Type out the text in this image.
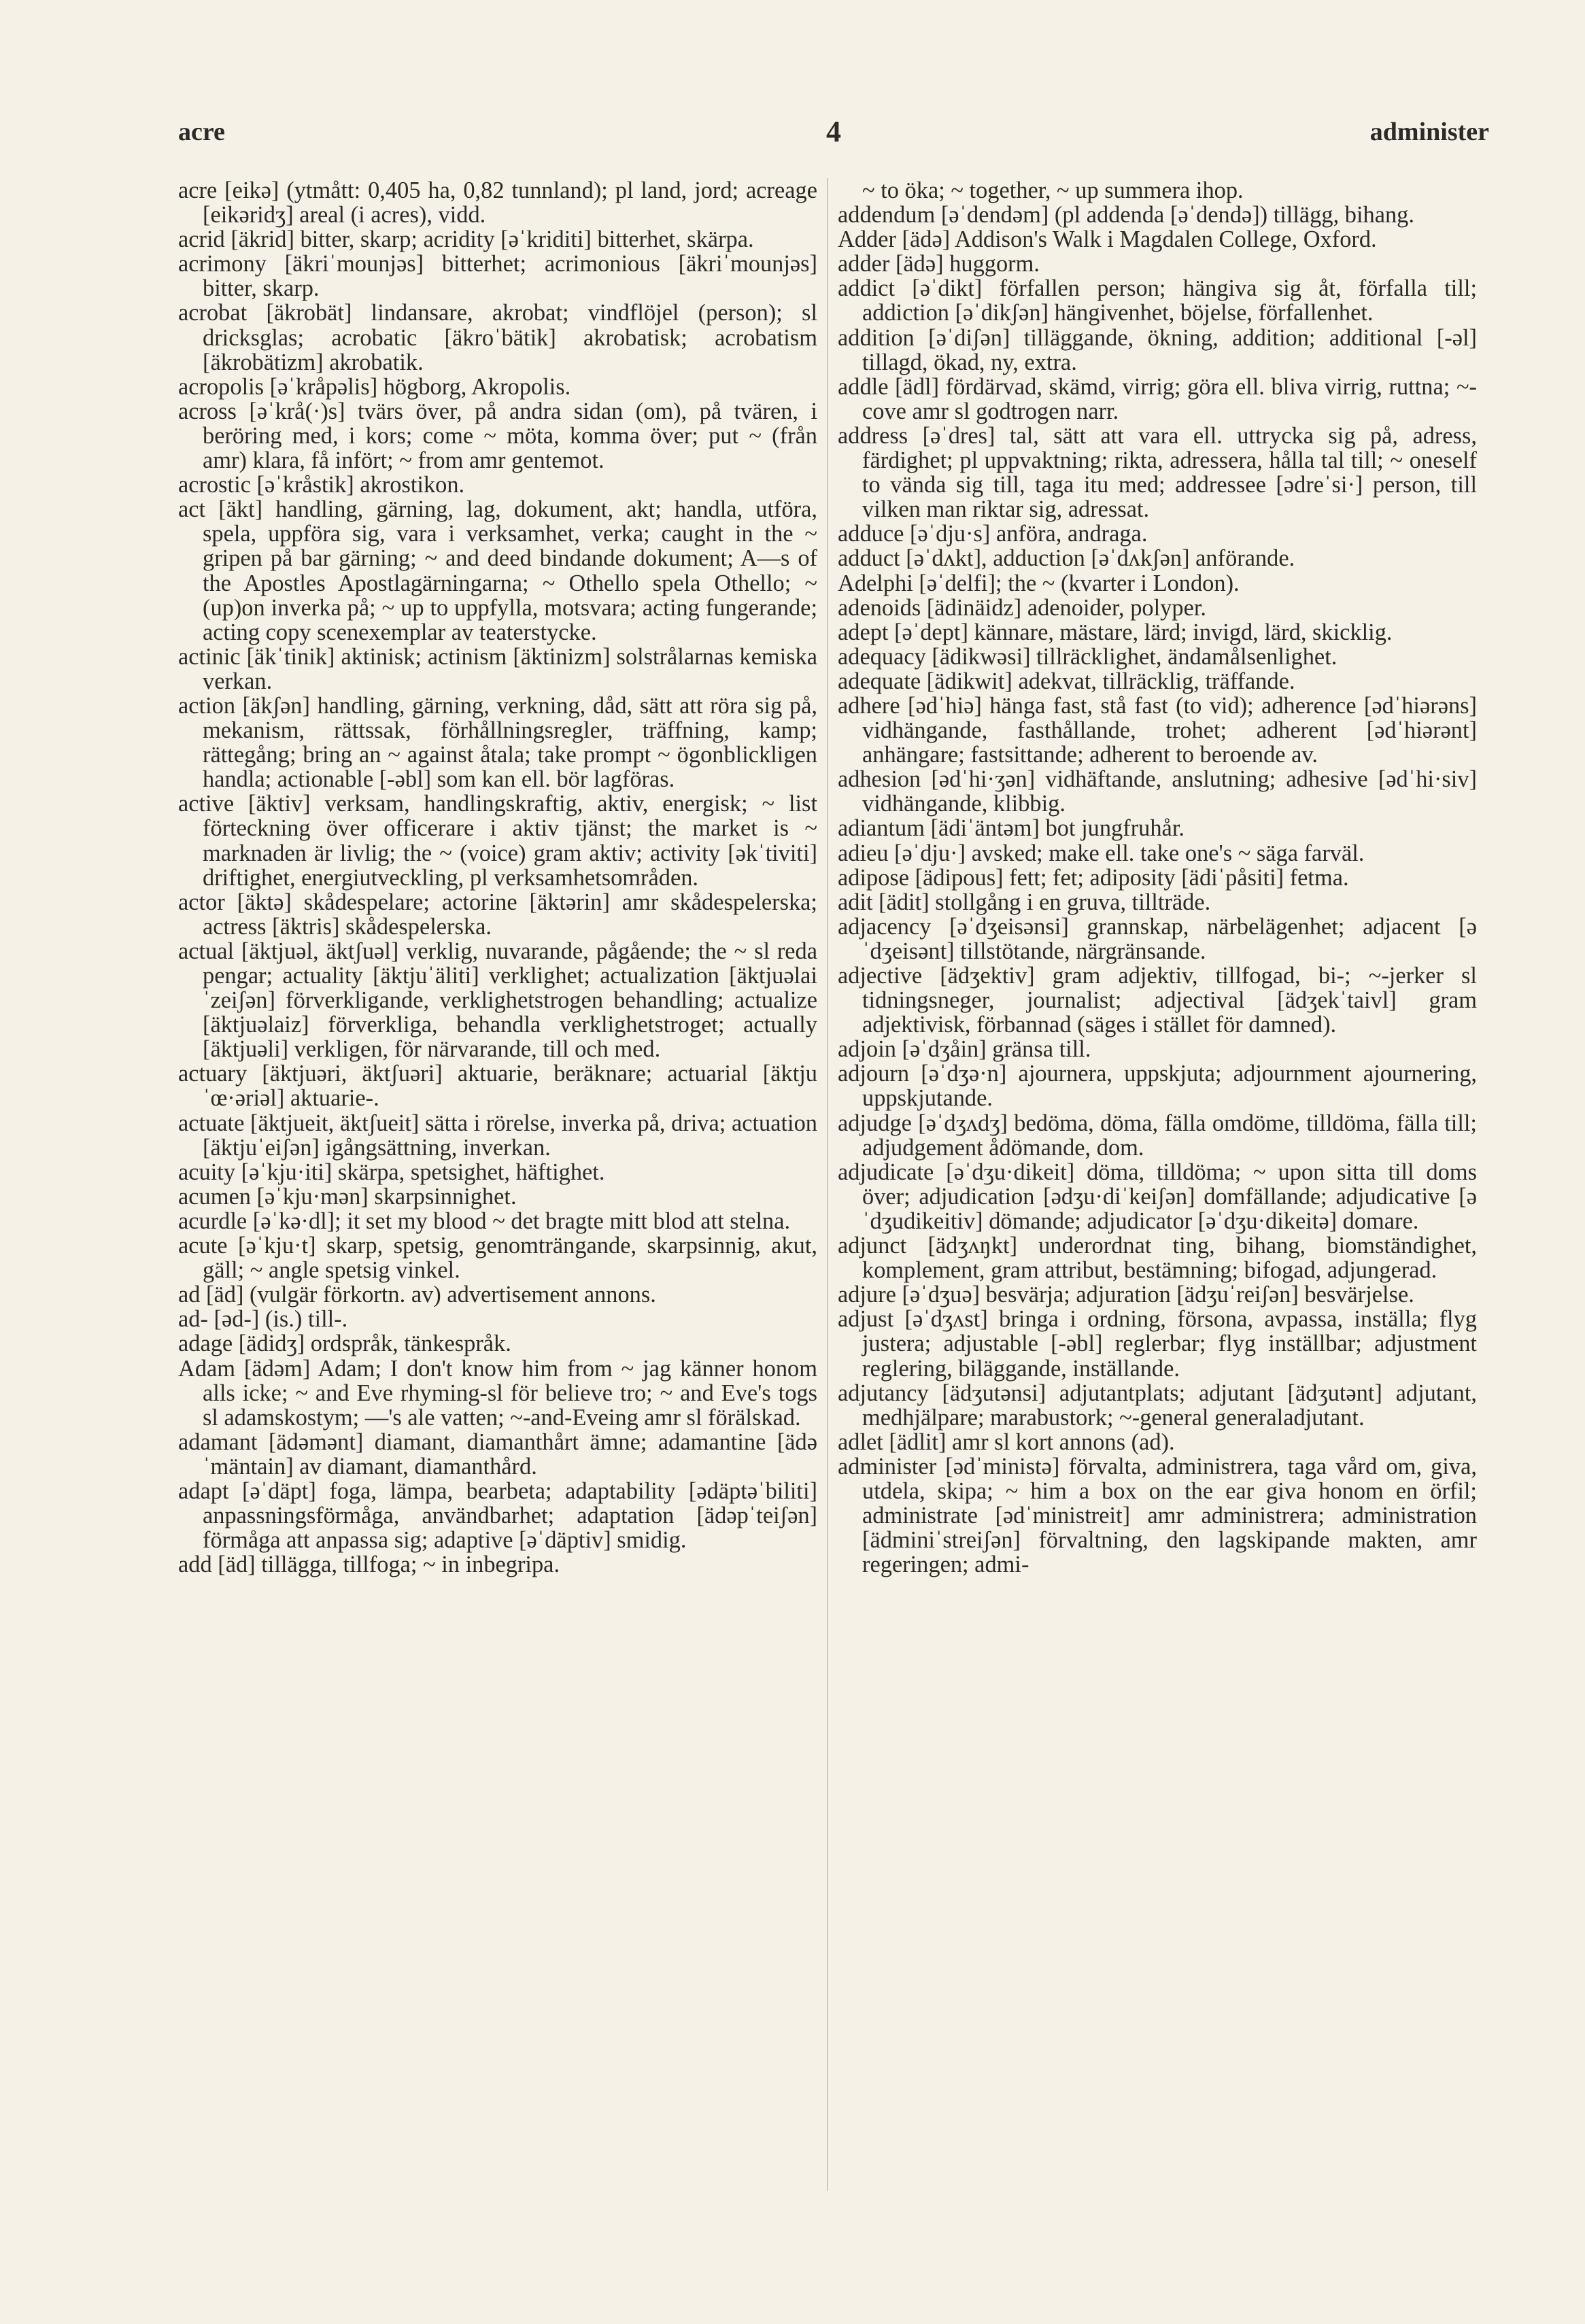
acre	4	administer

acre [eikə] (ytmått: 0,405 ha, 0,82 tunnland); pl land, jord; acreage [eikəridʒ] areal (i acres), vidd.

acrid [äkrid] bitter, skarp; acridity [əˈkriditi] bitterhet, skärpa.

acrimony [äkriˈmounjəs] bitterhet; acrimonious [äkriˈmounjəs] bitter, skarp.

acrobat [äkrobät] lindansare, akrobat; vindflöjel (person); sl dricksglas; acrobatic [äkroˈbätik] akrobatisk; acrobatism [äkrobätizm] akrobatik.

acropolis [əˈkråpəlis] högborg, Akropolis.

across [əˈkrå(·)s] tvärs över, på andra sidan (om), på tvären, i beröring med, i kors; come ~ möta, komma över; put ~ (från amr) klara, få infört; ~ from amr gentemot.

acrostic [əˈkråstik] akrostikon.

act [äkt] handling, gärning, lag, dokument, akt; handla, utföra, spela, uppföra sig, vara i verksamhet, verka; caught in the ~ gripen på bar gärning; ~ and deed bindande dokument; A—s of the Apostles Apostlagärningarna; ~ Othello spela Othello; ~ (up)on inverka på; ~ up to uppfylla, motsvara; acting fungerande; acting copy scenexemplar av teaterstycke.

actinic [äkˈtinik] aktinisk; actinism [äktinizm] solstrålarnas kemiska verkan.

action [äkʃən] handling, gärning, verkning, dåd, sätt att röra sig på, mekanism, rättssak, förhållningsregler, träffning, kamp; rättegång; bring an ~ against åtala; take prompt ~ ögonblickligen handla; actionable [-əbl] som kan ell. bör lagföras.

active [äktiv] verksam, handlingskraftig, aktiv, energisk; ~ list förteckning över officerare i aktiv tjänst; the market is ~ marknaden är livlig; the ~ (voice) gram aktiv; activity [əkˈtiviti] driftighet, energiutveckling, pl verksamhetsområden.

actor [äktə] skådespelare; actorine [äktərin] amr skådespelerska; actress [äktris] skådespelerska.

actual [äktjuəl, äktʃuəl] verklig, nuvarande, pågående; the ~ sl reda pengar; actuality [äktjuˈäliti] verklighet; actualization [äktjuəlaiˈzeiʃən] förverkligande, verklighetstrogen behandling; actualize [äktjuəlaiz] förverkliga, behandla verklighetstroget; actually [äktjuəli] verkligen, för närvarande, till och med.

actuary [äktjuəri, äktʃuəri] aktuarie, beräknare; actuarial [äktjuˈœ·əriəl] aktuarie-.

actuate [äktjueit, äktʃueit] sätta i rörelse, inverka på, driva; actuation [äktjuˈeiʃən] igångsättning, inverkan.

acuity [əˈkju·iti] skärpa, spetsighet, häftighet.

acumen [əˈkju·mən] skarpsinnighet.

acurdle [əˈkə·dl]; it set my blood ~ det bragte mitt blod att stelna.

acute [əˈkju·t] skarp, spetsig, genomträngande, skarpsinnig, akut, gäll; ~ angle spetsig vinkel.

ad [äd] (vulgär förkortn. av) advertisement annons.

ad- [əd-] (is.) till-.

adage [ädidʒ] ordspråk, tänkespråk.

Adam [ädəm] Adam; I don't know him from ~ jag känner honom alls icke; ~ and Eve rhyming-sl för believe tro; ~ and Eve's togs sl adamskostym; —'s ale vatten; ~-and-Eveing amr sl förälskad.

adamant [ädəmənt] diamant, diamanthårt ämne; adamantine [ädəˈmäntain] av diamant, diamanthård.

adapt [əˈdäpt] foga, lämpa, bearbeta; adaptability [ədäptəˈbiliti] anpassningsförmåga, användbarhet; adaptation [ädəpˈteiʃən] förmåga att anpassa sig; adaptive [əˈdäptiv] smidig.

add [äd] tillägga, tillfoga; ~ in inbegripa.

~ to öka; ~ together, ~ up summera ihop.

addendum [əˈdendəm] (pl addenda [əˈdendə]) tillägg, bihang.

Adder [ädə] Addison's Walk i Magdalen College, Oxford.

adder [ädə] huggorm.

addict [əˈdikt] förfallen person; hängiva sig åt, förfalla till; addiction [əˈdikʃən] hängivenhet, böjelse, förfallenhet.

addition [əˈdiʃən] tilläggande, ökning, addition; additional [-əl] tillagd, ökad, ny, extra.

addle [ädl] fördärvad, skämd, virrig; göra ell. bliva virrig, ruttna; ~-cove amr sl godtrogen narr.

address [əˈdres] tal, sätt att vara ell. uttrycka sig på, adress, färdighet; pl uppvaktning; rikta, adressera, hålla tal till; ~ oneself to vända sig till, taga itu med; addressee [ədreˈsi·] person, till vilken man riktar sig, adressat.

adduce [əˈdju·s] anföra, andraga.

adduct [əˈdʌkt], adduction [əˈdʌkʃən] anförande.

Adelphi [əˈdelfi]; the ~ (kvarter i London).

adenoids [ädinäidz] adenoider, polyper.

adept [əˈdept] kännare, mästare, lärd; invigd, lärd, skicklig.

adequacy [ädikwəsi] tillräcklighet, ändamålsenlighet.

adequate [ädikwit] adekvat, tillräcklig, träffande.

adhere [ədˈhiə] hänga fast, stå fast (to vid); adherence [ədˈhiərəns] vidhängande, fasthållande, trohet; adherent [ədˈhiərənt] anhängare; fastsittande; adherent to beroende av.

adhesion [ədˈhi·ʒən] vidhäftande, anslutning; adhesive [ədˈhi·siv] vidhängande, klibbig.

adiantum [ädiˈäntəm] bot jungfruhår.

adieu [əˈdju·] avsked; make ell. take one's ~ säga farväl.

adipose [ädipous] fett; fet; adiposity [ädiˈpåsiti] fetma.

adit [ädit] stollgång i en gruva, tillträde.

adjacency [əˈdʒeisənsi] grannskap, närbelägenhet; adjacent [əˈdʒeisənt] tillstötande, närgränsande.

adjective [ädʒektiv] gram adjektiv, tillfogad, bi-; ~-jerker sl tidningsneger, journalist; adjectival [ädʒekˈtaivl] gram adjektivisk, förbannad (säges i stället för damned).

adjoin [əˈdʒåin] gränsa till.

adjourn [əˈdʒə·n] ajournera, uppskjuta; adjournment ajournering, uppskjutande.

adjudge [əˈdʒʌdʒ] bedöma, döma, fälla omdöme, tilldöma, fälla till; adjudgement ådömande, dom.

adjudicate [əˈdʒu·dikeit] döma, tilldöma; ~ upon sitta till doms över; adjudication [ədʒu·diˈkeiʃən] domfällande; adjudicative [əˈdʒudikeitiv] dömande; adjudicator [əˈdʒu·dikeitə] domare.

adjunct [ädʒʌŋkt] underordnat ting, bihang, biomständighet, komplement, gram attribut, bestämning; bifogad, adjungerad.

adjure [əˈdʒuə] besvärja; adjuration [ädʒuˈreiʃən] besvärjelse.

adjust [əˈdʒʌst] bringa i ordning, försona, avpassa, inställa; flyg justera; adjustable [-əbl] reglerbar; flyg inställbar; adjustment reglering, biläggande, inställande.

adjutancy [ädʒutənsi] adjutantplats; adjutant [ädʒutənt] adjutant, medhjälpare; marabustork; ~-general generaladjutant.

adlet [ädlit] amr sl kort annons (ad).

administer [ədˈministə] förvalta, administrera, taga vård om, giva, utdela, skipa; ~ him a box on the ear giva honom en örfil; administrate [ədˈministreit] amr administrera; administration [ädminiˈstreiʃən] förvaltning, den lagskipande makten, amr regeringen; admi-
